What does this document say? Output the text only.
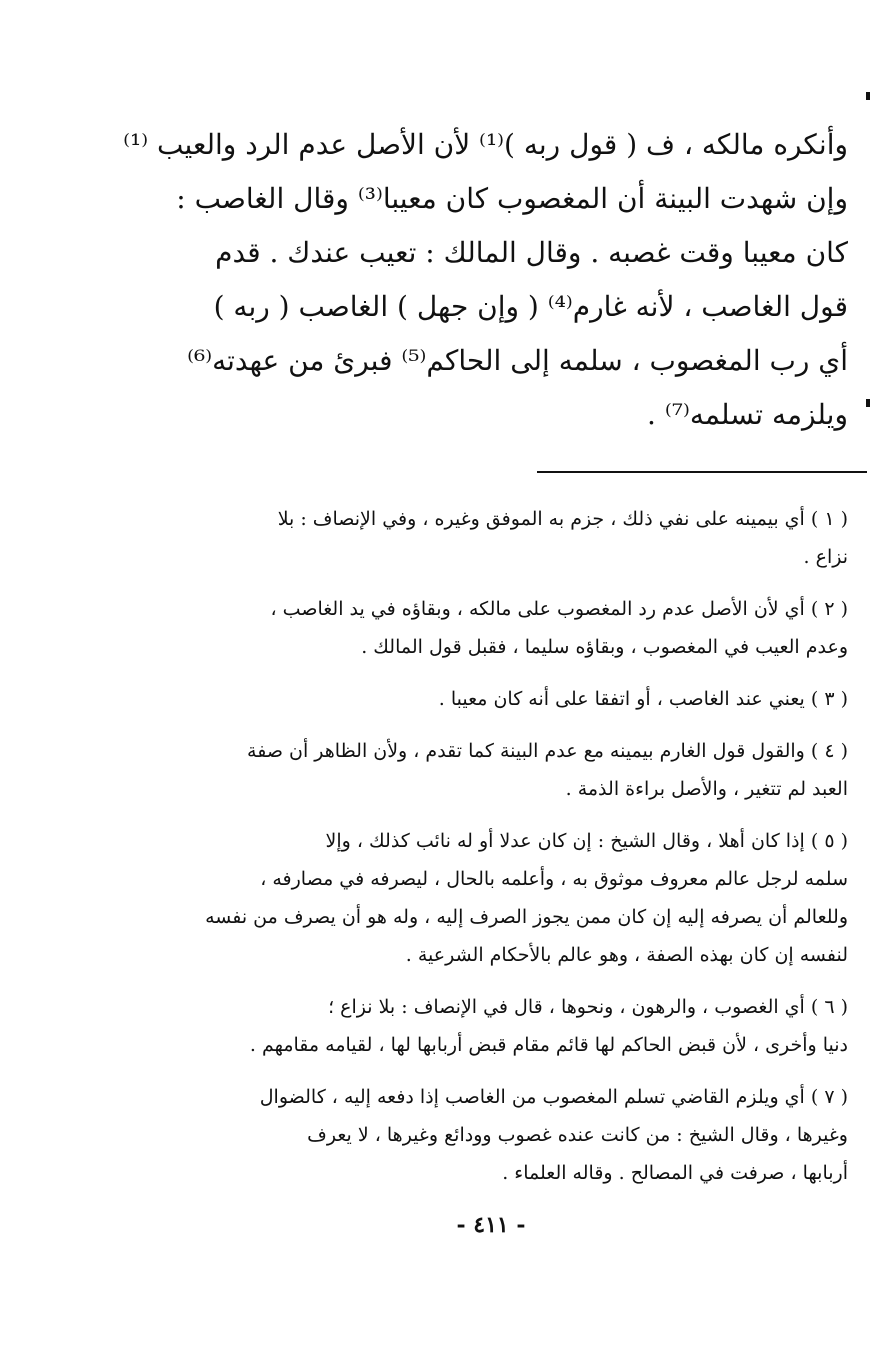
وأنكره مالكه ، ف ( قول ربه )⁽¹⁾ لأن الأصل عدم الرد والعيب ⁽¹⁾
وإن شهدت البينة أن المغصوب كان معيبا⁽³⁾ وقال الغاصب :
كان معيبا وقت غصبه . وقال المالك : تعيب عندك . قدم
قول الغاصب ، لأنه غارم⁽⁴⁾ ( وإن جهل ) الغاصب ( ربه )
أي رب المغصوب ، سلمه إلى الحاكم⁽⁵⁾ فبرئ من عهدته⁽⁶⁾
ويلزمه تسلمه⁽⁷⁾ .

( ١ ) أي بيمينه على نفي ذلك ، جزم به الموفق وغيره ، وفي الإنصاف : بلا
نزاع .

( ٢ ) أي لأن الأصل عدم رد المغصوب على مالكه ، وبقاؤه في يد الغاصب ،
وعدم العيب في المغصوب ، وبقاؤه سليما ، فقبل قول المالك .

( ٣ ) يعني عند الغاصب ، أو اتفقا على أنه كان معيبا .

( ٤ ) والقول قول الغارم بيمينه مع عدم البينة كما تقدم ، ولأن الظاهر أن صفة
العبد لم تتغير ، والأصل براءة الذمة .

( ٥ ) إذا كان أهلا ، وقال الشيخ : إن كان عدلا أو له نائب كذلك ، وإلا
سلمه لرجل عالم معروف موثوق به ، وأعلمه بالحال ، ليصرفه في مصارفه ،
وللعالم أن يصرفه إليه إن كان ممن يجوز الصرف إليه ، وله هو أن يصرف من نفسه
لنفسه إن كان بهذه الصفة ، وهو عالم بالأحكام الشرعية .

( ٦ ) أي الغصوب ، والرهون ، ونحوها ، قال في الإنصاف : بلا نزاع ؛
دنيا وأخرى ، لأن قبض الحاكم لها قائم مقام قبض أربابها لها ، لقيامه مقامهم .

( ٧ ) أي ويلزم القاضي تسلم المغصوب من الغاصب إذا دفعه إليه ، كالضوال
وغيرها ، وقال الشيخ : من كانت عنده غصوب وودائع وغيرها ، لا يعرف
أربابها ، صرفت في المصالح . وقاله العلماء .

- ٤١١ -
